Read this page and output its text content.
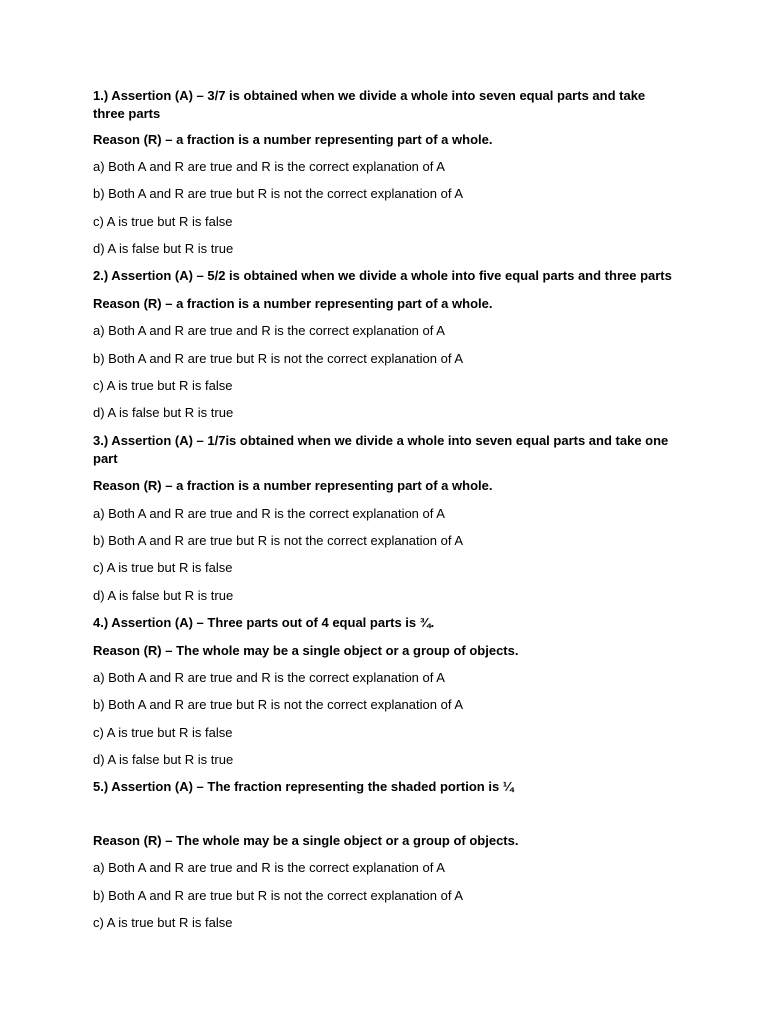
1.) Assertion (A) – 3/7 is obtained when we divide a whole into seven equal parts and take three parts
Reason (R) – a fraction is a number representing part of a whole.
a) Both A and R are true and R is the correct explanation of A
b) Both A and R are true but R is not the correct explanation of A
c) A is true but R is false
d) A is false but R is true
2.) Assertion (A) – 5/2 is obtained when we divide a whole into five equal parts and three parts
Reason (R) – a fraction is a number representing part of a whole.
a) Both A and R are true and R is the correct explanation of A
b) Both A and R are true but R is not the correct explanation of A
c) A is true but R is false
d) A is false but R is true
3.) Assertion (A) – 1/7is obtained when we divide a whole into seven equal parts and take one part
Reason (R) – a fraction is a number representing part of a whole.
a) Both A and R are true and R is the correct explanation of A
b) Both A and R are true but R is not the correct explanation of A
c) A is true but R is false
d) A is false but R is true
4.) Assertion (A) – Three parts out of 4 equal parts is ¾.
Reason (R) – The whole may be a single object or a group of objects.
a) Both A and R are true and R is the correct explanation of A
b) Both A and R are true but R is not the correct explanation of A
c) A is true but R is false
d) A is false but R is true
5.) Assertion (A) – The fraction representing the shaded portion is ¼
Reason (R) – The whole may be a single object or a group of objects.
a) Both A and R are true and R is the correct explanation of A
b) Both A and R are true but R is not the correct explanation of A
c) A is true but R is false
